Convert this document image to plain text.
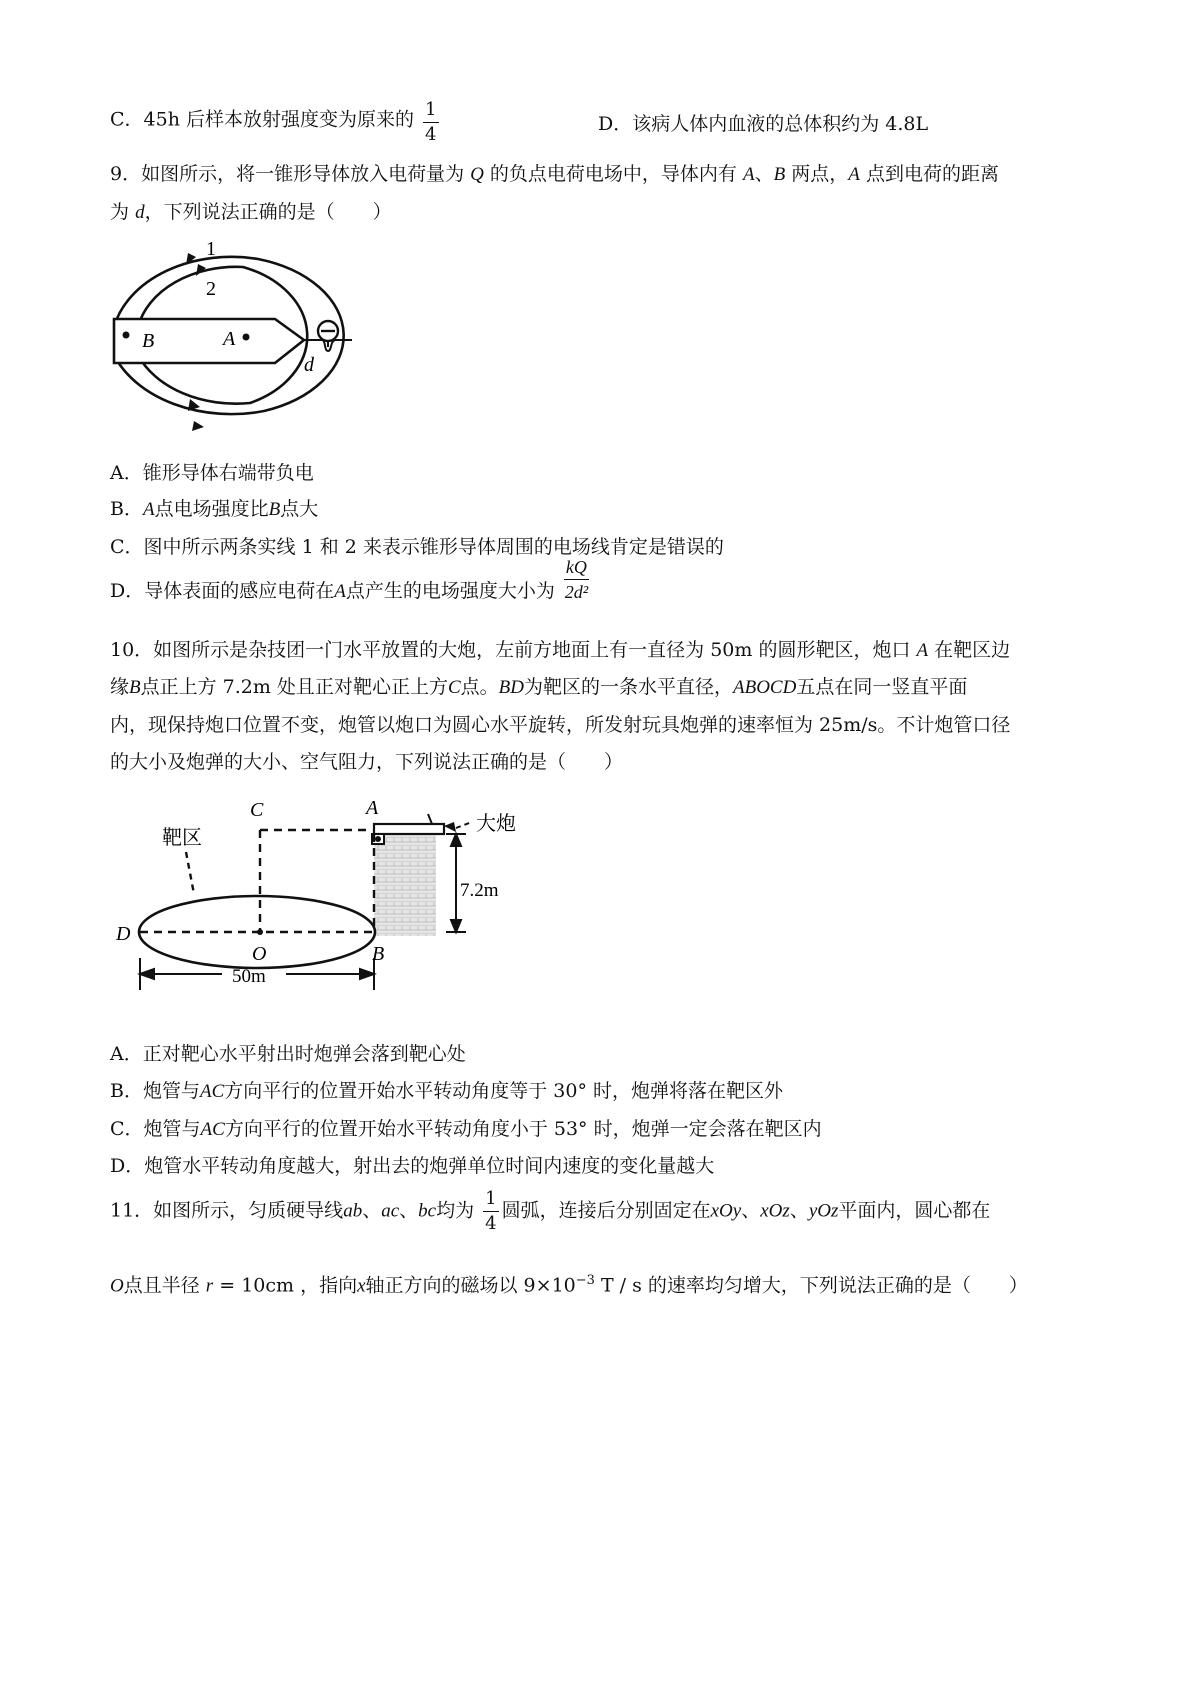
C．45h 后样本放射强度变为原来的 $\frac{1}{4}$	D．该病人体内血液的总体积约为 4.8L
9．如图所示，将一锥形导体放入电荷量为 Q 的负点电荷电场中，导体内有 A、B 两点，A 点到电荷的距离
为 d，下列说法正确的是（　　）
1
2
B	A
d
A．锥形导体右端带负电
B．A点电场强度比B点大
C．图中所示两条实线 1 和 2 来表示锥形导体周围的电场线肯定是错误的
D．导体表面的感应电荷在A点产生的电场强度大小为 $\frac{kQ}{\text{2d²}}$
10．如图所示是杂技团一门水平放置的大炮，左前方地面上有一直径为 50m 的圆形靶区，炮口 A 在靶区边
缘B点正上方 7.2m 处且正对靶心正上方C点。BD为靶区的一条水平直径，ABOCD五点在同一竖直平面
内，现保持炮口位置不变，炮管以炮口为圆心水平旋转，所发射玩具炮弹的速率恒为 25m/s。不计炮管口径
的大小及炮弹的大小、空气阻力，下列说法正确的是（　　）
靶区
大炮
7.2m
50m
C	A
D
O	B
A．正对靶心水平射出时炮弹会落到靶心处
B．炮管与AC方向平行的位置开始水平转动角度等于 30° 时，炮弹将落在靶区外
C．炮管与AC方向平行的位置开始水平转动角度小于 53° 时，炮弹一定会落在靶区内
D．炮管水平转动角度越大，射出去的炮弹单位时间内速度的变化量越大
11．如图所示，匀质硬导线ab、ac、bc均为 $\frac{1}{4}$ 圆弧，连接后分别固定在xOy、xOz、yOz平面内，圆心都在
O点且半径 r = 10cm ，指向x轴正方向的磁场以 $9\times 10^{-3}$ T / s 的速率均匀增大，下列说法正确的是（　　）
